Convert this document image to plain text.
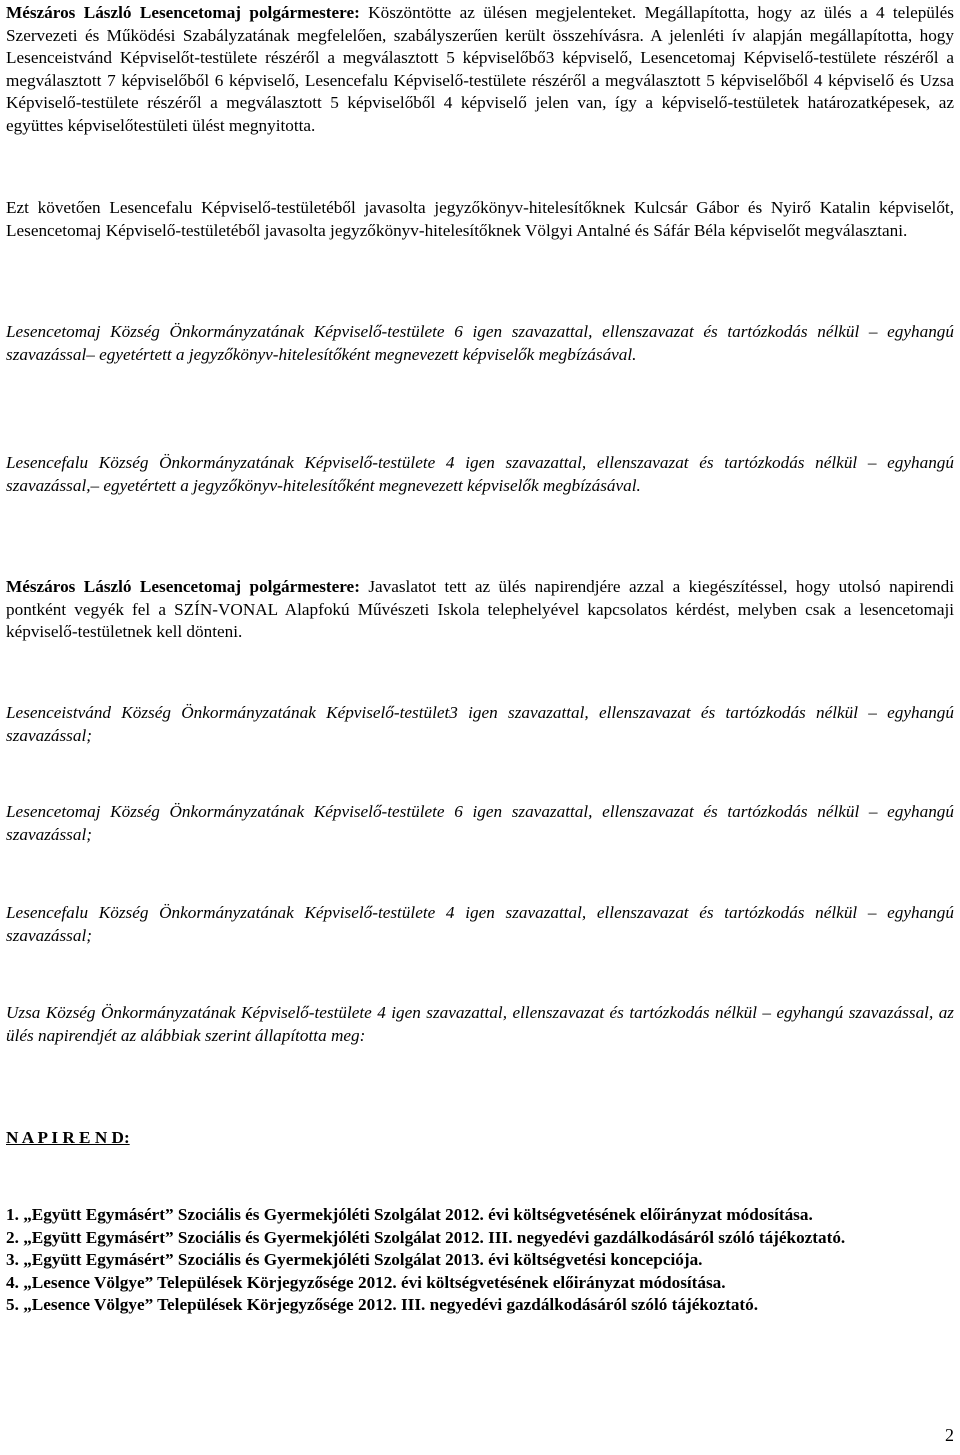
Mészáros László Lesencetomaj polgármestere: Köszöntötte az ülésen megjelenteket. Megállapította, hogy az ülés a 4 település Szervezeti és Működési Szabályzatának megfelelően, szabályszerűen került összehívásra. A jelenléti ív alapján megállapította, hogy Lesenceistvánd Képviselőt-testülete részéről a megválasztott 5 képviselőbő3 képviselő, Lesencetomaj Képviselő-testülete részéről a megválasztott 7 képviselőből 6 képviselő, Lesencefalu Képviselő-testülete részéről a megválasztott 5 képviselőből 4 képviselő és Uzsa Képviselő-testülete részéről a megválasztott 5 képviselőből 4 képviselő jelen van, így a képviselő-testületek határozatképesek, az együttes képviselőtestületi ülést megnyitotta.

Ezt követően Lesencefalu Képviselő-testületéből javasolta jegyzőkönyv-hitelesítőknek Kulcsár Gábor és Nyirő Katalin képviselőt, Lesencetomaj Képviselő-testületéből javasolta jegyzőkönyv-hitelesítőknek Völgyi Antalné és Sáfár Béla képviselőt megválasztani.

Lesencetomaj Község Önkormányzatának Képviselő-testülete 6 igen szavazattal, ellenszavazat és tartózkodás nélkül – egyhangú szavazással– egyetértett a jegyzőkönyv-hitelesítőként megnevezett képviselők megbízásával.

Lesencefalu Község Önkormányzatának Képviselő-testülete 4 igen szavazattal, ellenszavazat és tartózkodás nélkül – egyhangú szavazással,– egyetértett a jegyzőkönyv-hitelesítőként megnevezett képviselők megbízásával.

Mészáros László Lesencetomaj polgármestere: Javaslatot tett az ülés napirendjére azzal a kiegészítéssel, hogy utolsó napirendi pontként vegyék fel a SZÍN-VONAL Alapfokú Művészeti Iskola telephelyével kapcsolatos kérdést, melyben csak a lesencetomaji képviselő-testületnek kell dönteni.

Lesenceistvánd Község Önkormányzatának Képviselő-testület3 igen szavazattal, ellenszavazat és tartózkodás nélkül – egyhangú szavazással;

Lesencetomaj Község Önkormányzatának Képviselő-testülete 6 igen szavazattal, ellenszavazat és tartózkodás nélkül – egyhangú szavazással;

Lesencefalu Község Önkormányzatának Képviselő-testülete 4 igen szavazattal, ellenszavazat és tartózkodás nélkül – egyhangú szavazással;

Uzsa Község Önkormányzatának Képviselő-testülete 4 igen szavazattal, ellenszavazat és tartózkodás nélkül – egyhangú szavazással, az ülés napirendjét az alábbiak szerint állapította meg:

N A P I R E N D:

1. „Együtt Egymásért” Szociális és Gyermekjóléti Szolgálat 2012. évi költségvetésének előirányzat módosítása.
2. „Együtt Egymásért” Szociális és Gyermekjóléti Szolgálat 2012. III. negyedévi gazdálkodásáról szóló tájékoztató.
3. „Együtt Egymásért” Szociális és Gyermekjóléti Szolgálat 2013. évi költségvetési koncepciója.
4. „Lesence Völgye” Települések Körjegyzősége 2012. évi költségvetésének előirányzat módosítása.
5. „Lesence Völgye” Települések Körjegyzősége 2012. III. negyedévi gazdálkodásáról szóló tájékoztató.
2
